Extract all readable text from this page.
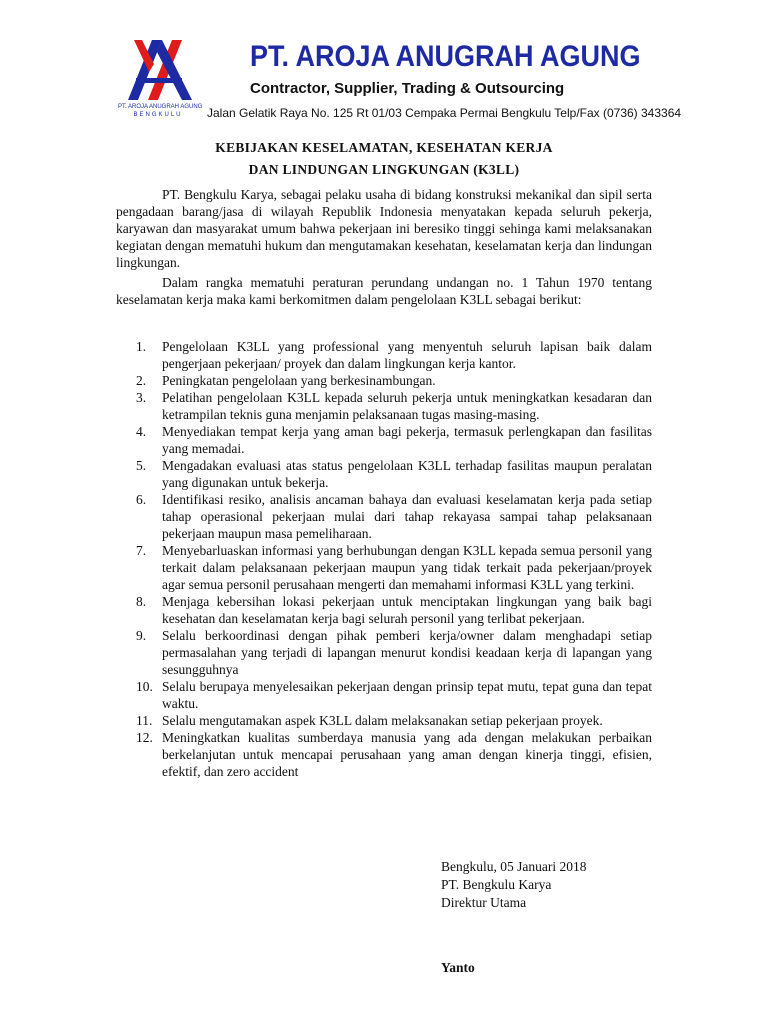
PT. AROJA ANUGRAH AGUNG
BENGKULU
PT. AROJA ANUGRAH AGUNG
Contractor, Supplier, Trading & Outsourcing
Jalan Gelatik Raya No. 125 Rt 01/03 Cempaka Permai Bengkulu Telp/Fax (0736) 343364
KEBIJAKAN KESELAMATAN, KESEHATAN KERJA
DAN LINDUNGAN LINGKUNGAN (K3LL)
PT. Bengkulu Karya, sebagai pelaku usaha di bidang konstruksi mekanikal dan sipil serta pengadaan barang/jasa di wilayah Republik Indonesia menyatakan kepada seluruh pekerja, karyawan dan masyarakat umum bahwa pekerjaan ini beresiko tinggi sehinga kami melaksanakan kegiatan dengan mematuhi hukum dan mengutamakan kesehatan, keselamatan kerja dan lindungan lingkungan.
Dalam rangka mematuhi peraturan perundang undangan no. 1 Tahun 1970 tentang keselamatan kerja maka kami berkomitmen dalam pengelolaan K3LL sebagai berikut:
1.	Pengelolaan K3LL yang professional yang menyentuh seluruh lapisan baik dalam pengerjaan pekerjaan/ proyek dan dalam lingkungan kerja kantor.
2.	Peningkatan pengelolaan yang berkesinambungan.
3.	Pelatihan pengelolaan K3LL kepada seluruh pekerja untuk meningkatkan kesadaran dan ketrampilan teknis guna menjamin pelaksanaan tugas masing-masing.
4.	Menyediakan tempat kerja yang aman bagi pekerja, termasuk perlengkapan dan fasilitas yang memadai.
5.	Mengadakan evaluasi atas status pengelolaan K3LL terhadap fasilitas maupun peralatan yang digunakan untuk bekerja.
6.	Identifikasi resiko, analisis ancaman bahaya dan evaluasi keselamatan kerja pada setiap tahap operasional pekerjaan mulai dari tahap rekayasa sampai tahap pelaksanaan pekerjaan maupun masa pemeliharaan.
7.	Menyebarluaskan informasi yang berhubungan dengan K3LL kepada semua personil yang terkait dalam pelaksanaan pekerjaan maupun yang tidak terkait pada pekerjaan/proyek agar semua personil perusahaan mengerti dan memahami informasi K3LL yang terkini.
8.	Menjaga kebersihan lokasi pekerjaan untuk menciptakan lingkungan yang baik bagi kesehatan dan keselamatan kerja bagi selurah personil yang terlibat pekerjaan.
9.	Selalu berkoordinasi dengan pihak pemberi kerja/owner dalam menghadapi setiap permasalahan yang terjadi di lapangan menurut kondisi keadaan kerja di lapangan yang sesungguhnya
10. Selalu berupaya menyelesaikan pekerjaan dengan prinsip tepat mutu, tepat guna dan tepat waktu.
11. Selalu mengutamakan aspek K3LL dalam melaksanakan setiap pekerjaan proyek.
12. Meningkatkan kualitas sumberdaya manusia yang ada dengan melakukan perbaikan berkelanjutan untuk mencapai perusahaan yang aman dengan kinerja tinggi, efisien, efektif, dan zero accident
Bengkulu, 05 Januari 2018
PT. Bengkulu Karya
Direktur Utama
Yanto
